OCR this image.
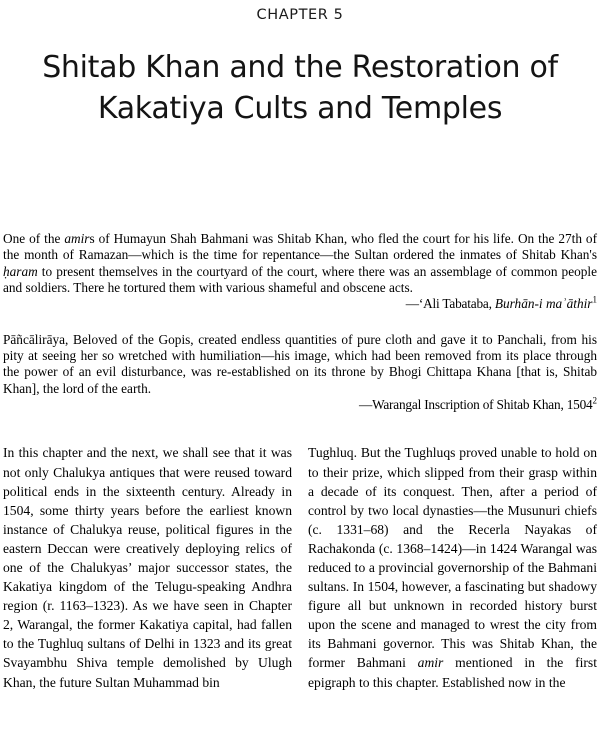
CHAPTER 5
Shitab Khan and the Restoration of
Kakatiya Cults and Temples

One of the amirs of Humayun Shah Bahmani was Shitab Khan, who fled the court for his life. On the 27th of the month of Ramazan—which is the time for repentance—the Sultan ordered the inmates of Shitab Khan's ḥaram to present themselves in the courtyard of the court, where there was an assemblage of common people and soldiers. There he tortured them with various shameful and obscene acts.

—ʻAli Tabataba, Burhān-i maʾāthir$^1$

Pāñcālirāya, Beloved of the Gopis, created endless quantities of pure cloth and gave it to Panchali, from his pity at seeing her so wretched with humiliation—his image, which had been removed from its place through the power of an evil disturbance, was re-established on its throne by Bhogi Chittapa Khana [that is, Shitab Khan], the lord of the earth.

—Warangal Inscription of Shitab Khan, 1504$^2$

In this chapter and the next, we shall see that it was not only Chalukya antiques that were reused toward political ends in the sixteenth century. Already in 1504, some thirty years before the earliest known instance of Chalukya reuse, political figures in the eastern Deccan were creatively deploying relics of one of the Chalukyas’ major successor states, the Kakatiya kingdom of the Telugu-speaking Andhra region (r. 1163–1323). As we have seen in Chapter 2, Warangal, the former Kakatiya capital, had fallen to the Tughluq sultans of Delhi in 1323 and its great Svayambhu Shiva temple demolished by Ulugh Khan, the future Sultan Muhammad bin

Tughluq. But the Tughluqs proved unable to hold on to their prize, which slipped from their grasp within a decade of its conquest. Then, after a period of control by two local dynasties—the Musunuri chiefs (c. 1331–68) and the Recerla Nayakas of Rachakonda (c. 1368–1424)—in 1424 Warangal was reduced to a provincial governorship of the Bahmani sultans. In 1504, however, a fascinating but shadowy figure all but unknown in recorded history burst upon the scene and managed to wrest the city from its Bahmani governor. This was Shitab Khan, the former Bahmani amir mentioned in the first epigraph to this chapter. Established now in the
